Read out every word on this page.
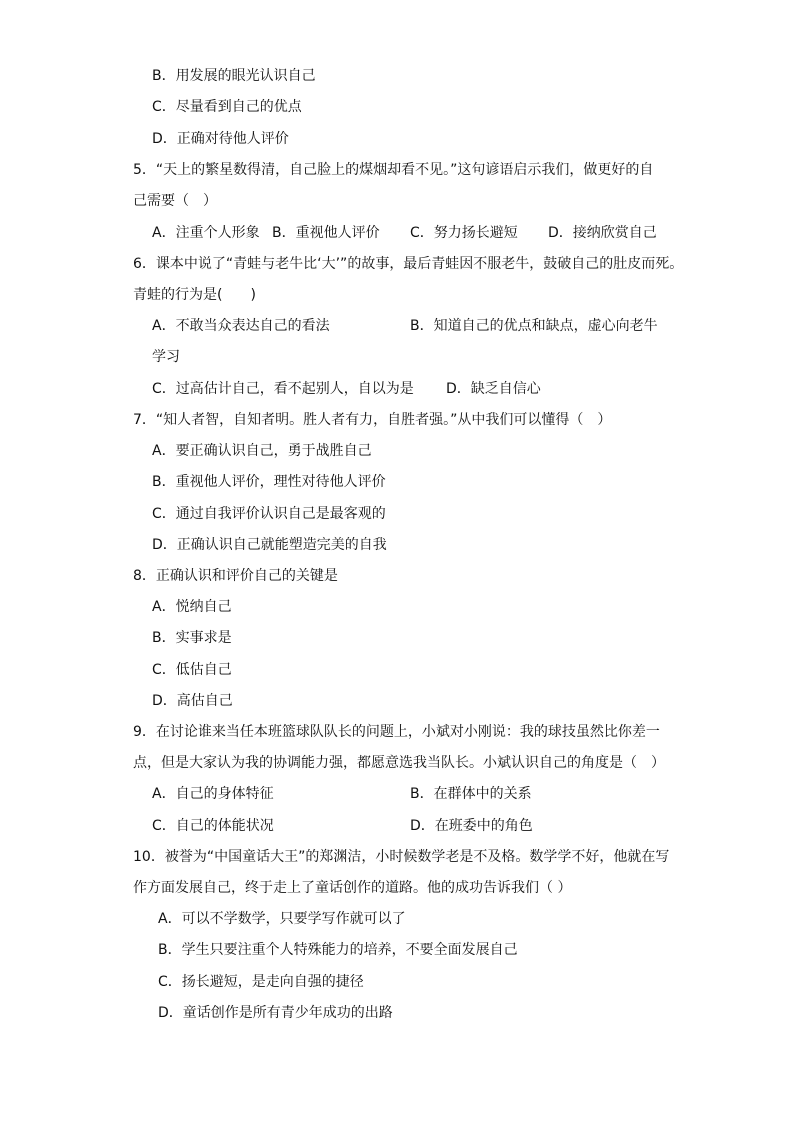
B．用发展的眼光认识自己
C．尽量看到自己的优点
D．正确对待他人评价
5．“天上的繁星数得清，自己脸上的煤烟却看不见。”这句谚语启示我们，做更好的自
己需要（　）
A．注重个人形象 B．重视他人评价 C．努力扬长避短 D．接纳欣赏自己
6．课本中说了“青蛙与老牛比‘大’”的故事，最后青蛙因不服老牛，鼓破自己的肚皮而死。
青蛙的行为是(　　)
A．不敢当众表达自己的看法	B．知道自己的优点和缺点，虚心向老牛
学习
C．过高估计自己，看不起别人，自以为是 D．缺乏自信心
7．“知人者智，自知者明。胜人者有力，自胜者强。”从中我们可以懂得（　）
A．要正确认识自己，勇于战胜自己
B．重视他人评价，理性对待他人评价
C．通过自我评价认识自己是最客观的
D．正确认识自己就能塑造完美的自我
8．正确认识和评价自己的关键是
A．悦纳自己
B．实事求是
C．低估自己
D．高估自己
9．在讨论谁来当任本班篮球队队长的问题上，小斌对小刚说：我的球技虽然比你差一
点，但是大家认为我的协调能力强，都愿意选我当队长。小斌认识自己的角度是（　）
A．自己的身体特征	B．在群体中的关系
C．自己的体能状况	D．在班委中的角色
10．被誉为“中国童话大王”的郑渊洁，小时候数学老是不及格。数学学不好，他就在写
作方面发展自己，终于走上了童话创作的道路。他的成功告诉我们（ ）
A．可以不学数学，只要学写作就可以了
B．学生只要注重个人特殊能力的培养，不要全面发展自己
C．扬长避短，是走向自强的捷径
D．童话创作是所有青少年成功的出路
